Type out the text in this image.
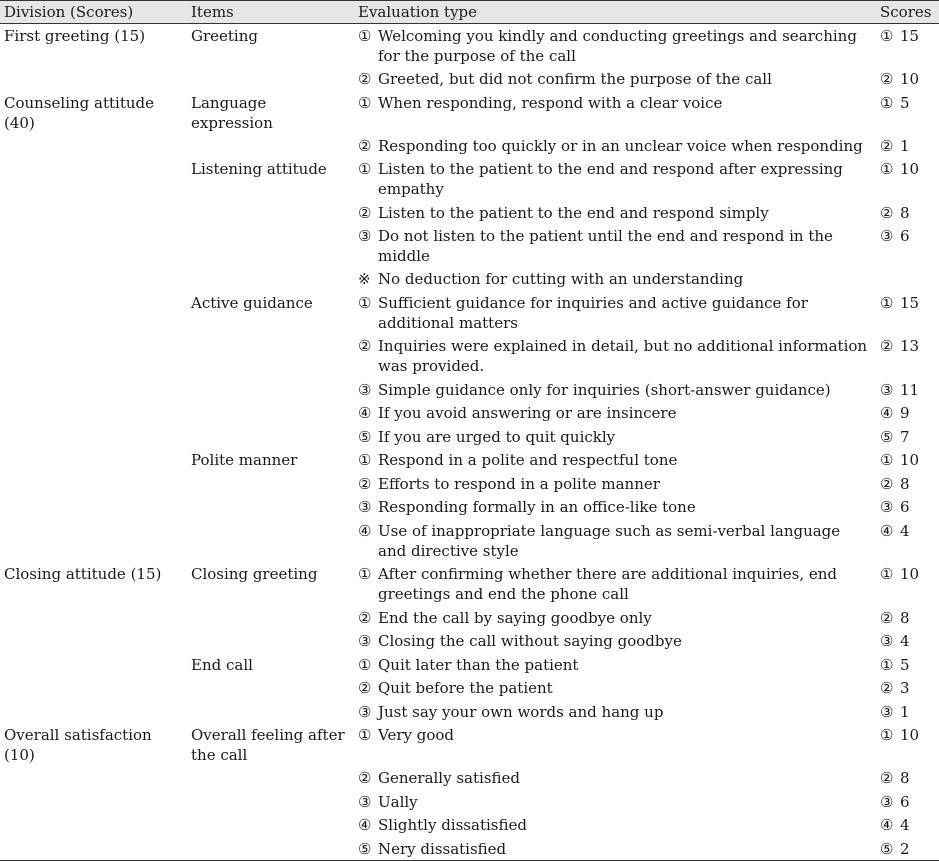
Division (Scores)	Items	Evaluation type	Scores
First greeting (15)	Greeting	① Welcoming you kindly and conducting greetings and searching for the purpose of the call	① 15

		② Greeted, but did not confirm the purpose of the call	② 10

Counseling attitude (40)	Language expression	① When responding, respond with a clear voice	① 5

		② Responding too quickly or in an unclear voice when responding	② 1

	Listening attitude	① Listen to the patient to the end and respond after expressing empathy	① 10

		② Listen to the patient to the end and respond simply	② 8

		③ Do not listen to the patient until the end and respond in the middle	③ 6

		※ No deduction for cutting with an understanding	

	Active guidance	① Sufficient guidance for inquiries and active guidance for additional matters	① 15

		② Inquiries were explained in detail, but no additional information was provided.	② 13

		③ Simple guidance only for inquiries (short-answer guidance)	③ 11

		④ If you avoid answering or are insincere	④ 9

		⑤ If you are urged to quit quickly	⑤ 7

	Polite manner	① Respond in a polite and respectful tone	① 10

		② Efforts to respond in a polite manner	② 8

		③ Responding formally in an office-like tone	③ 6

		④ Use of inappropriate language such as semi-verbal language and directive style	④ 4

Closing attitude (15)	Closing greeting	① After confirming whether there are additional inquiries, end greetings and end the phone call	① 10

		② End the call by saying goodbye only	② 8

		③ Closing the call without saying goodbye	③ 4

	End call	① Quit later than the patient	① 5

		② Quit before the patient	② 3

		③ Just say your own words and hang up	③ 1

Overall satisfaction (10)	Overall feeling after the call	① Very good	① 10

		② Generally satisfied	② 8

		③ Ually	③ 6

		④ Slightly dissatisfied	④ 4

		⑤ Nery dissatisfied	⑤ 2
